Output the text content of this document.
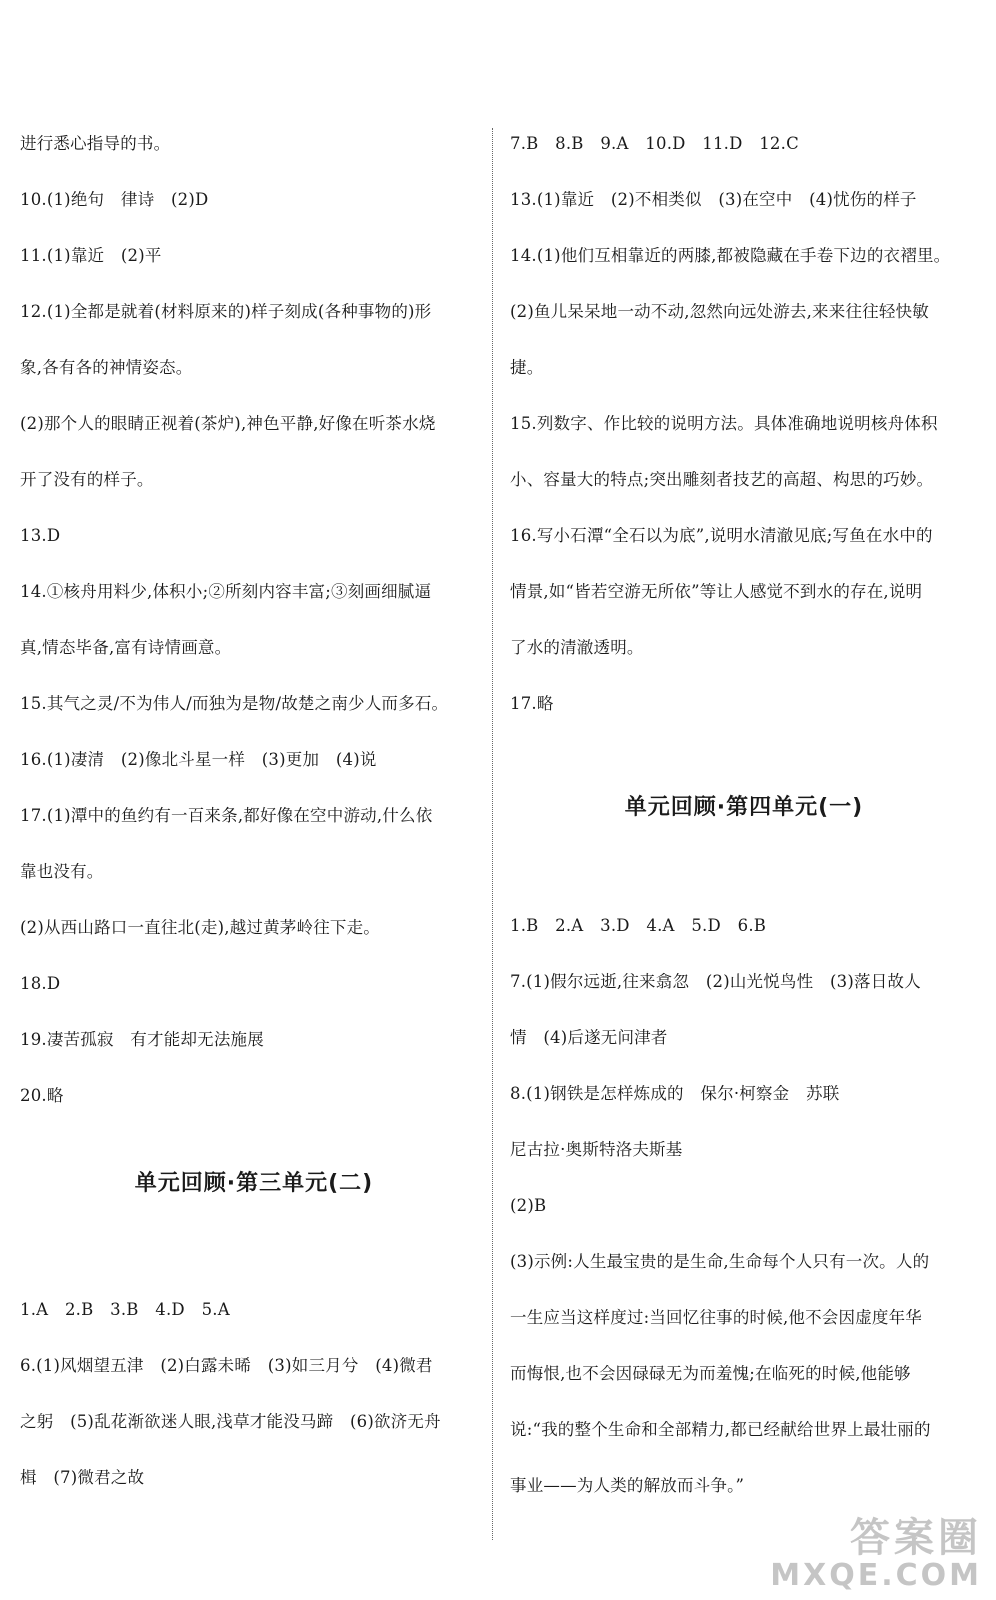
进行悉心指导的书。
10.(1)绝句　律诗　(2)D
11.(1)靠近　(2)平
12.(1)全都是就着(材料原来的)样子刻成(各种事物的)形
象,各有各的神情姿态。
(2)那个人的眼睛正视着(茶炉),神色平静,好像在听茶水烧
开了没有的样子。
13.D
14.①核舟用料少,体积小;②所刻内容丰富;③刻画细腻逼
真,情态毕备,富有诗情画意。
15.其气之灵/不为伟人/而独为是物/故楚之南少人而多石。
16.(1)凄清　(2)像北斗星一样　(3)更加　(4)说
17.(1)潭中的鱼约有一百来条,都好像在空中游动,什么依
靠也没有。
(2)从西山路口一直往北(走),越过黄茅岭往下走。
18.D
19.凄苦孤寂　有才能却无法施展
20.略
单元回顾·第三单元(二)
1.A　2.B　3.B　4.D　5.A
6.(1)风烟望五津　(2)白露未晞　(3)如三月兮　(4)微君
之躬　(5)乱花渐欲迷人眼,浅草才能没马蹄　(6)欲济无舟
楫　(7)微君之故
7.B　8.B　9.A　10.D　11.D　12.C
13.(1)靠近　(2)不相类似　(3)在空中　(4)忧伤的样子
14.(1)他们互相靠近的两膝,都被隐藏在手卷下边的衣褶里。
(2)鱼儿呆呆地一动不动,忽然向远处游去,来来往往轻快敏
捷。
15.列数字、作比较的说明方法。具体准确地说明核舟体积
小、容量大的特点;突出雕刻者技艺的高超、构思的巧妙。
16.写小石潭“全石以为底”,说明水清澈见底;写鱼在水中的
情景,如“皆若空游无所依”等让人感觉不到水的存在,说明
了水的清澈透明。
17.略
单元回顾·第四单元(一)
1.B　2.A　3.D　4.A　5.D　6.B
7.(1)假尔远逝,往来翕忽　(2)山光悦鸟性　(3)落日故人
情　(4)后遂无问津者
8.(1)钢铁是怎样炼成的　保尔·柯察金　苏联
尼古拉·奥斯特洛夫斯基
(2)B
(3)示例:人生最宝贵的是生命,生命每个人只有一次。人的
一生应当这样度过:当回忆往事的时候,他不会因虚度年华
而悔恨,也不会因碌碌无为而羞愧;在临死的时候,他能够
说:“我的整个生命和全部精力,都已经献给世界上最壮丽的
事业——为人类的解放而斗争。”
答案圈
MXQE.COM
